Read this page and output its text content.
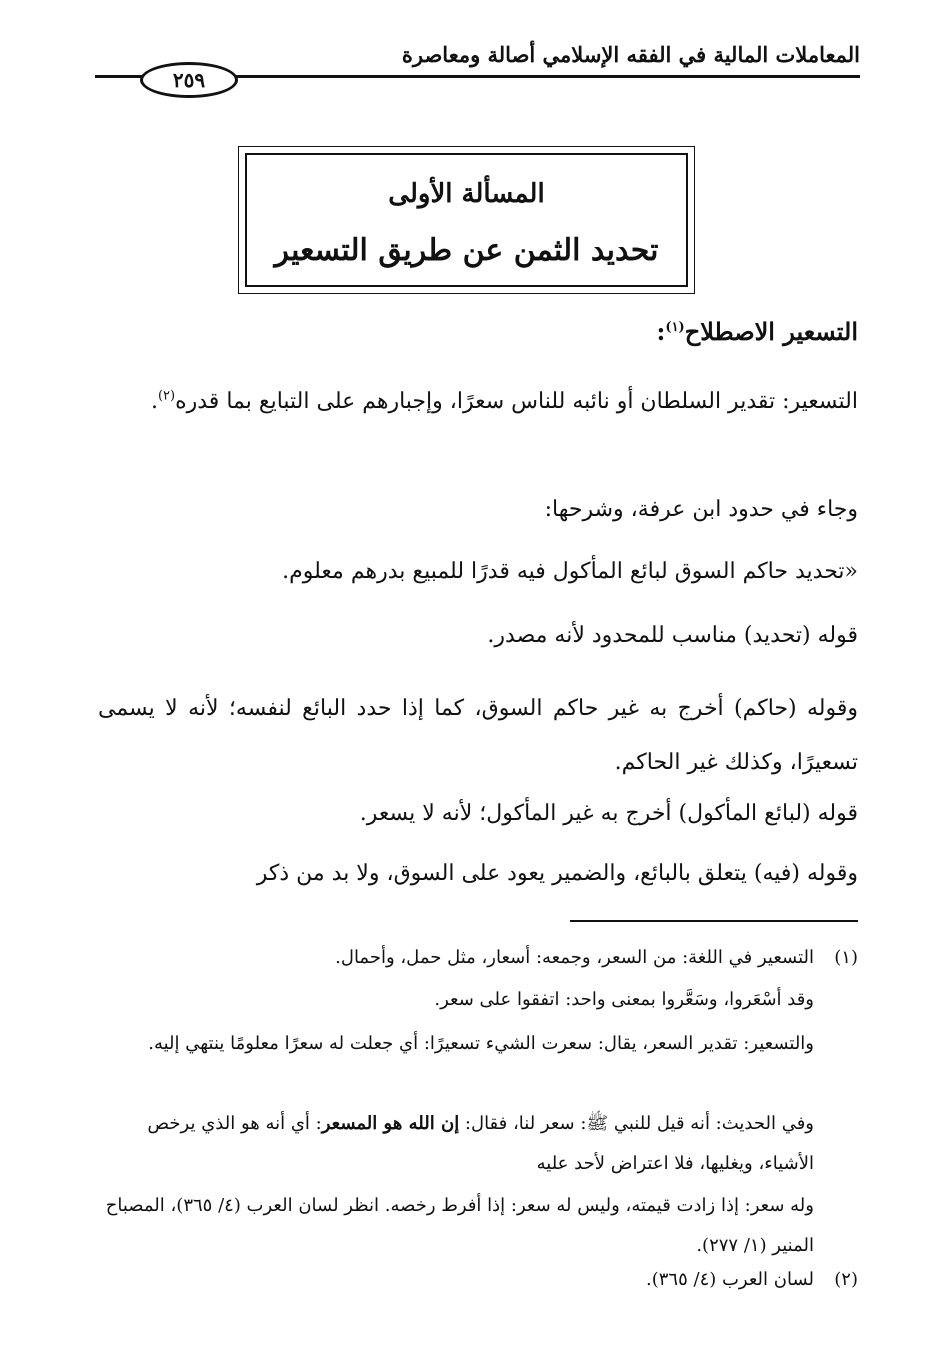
المعاملات المالية في الفقه الإسلامي أصالة ومعاصرة
٢٥٩
المسألة الأولى
تحديد الثمن عن طريق التسعير
التسعير الاصطلاح$^{(١)}$:
التسعير: تقدير السلطان أو نائبه للناس سعرًا، وإجبارهم على التبايع بما قدره$^{(٢)}$.
وجاء في حدود ابن عرفة، وشرحها:
«تحديد حاكم السوق لبائع المأكول فيه قدرًا للمبيع بدرهم معلوم.
قوله (تحديد) مناسب للمحدود لأنه مصدر.
وقوله (حاكم) أخرج به غير حاكم السوق، كما إذا حدد البائع لنفسه؛ لأنه لا يسمى تسعيرًا، وكذلك غير الحاكم.
قوله (لبائع المأكول) أخرج به غير المأكول؛ لأنه لا يسعر.
وقوله (فيه) يتعلق بالبائع، والضمير يعود على السوق، ولا بد من ذكر
(١)التسعير في اللغة: من السعر، وجمعه: أسعار، مثل حمل، وأحمال.
وقد أسْعَروا، وسَعَّروا بمعنى واحد: اتفقوا على سعر.
والتسعير: تقدير السعر، يقال: سعرت الشيء تسعيرًا: أي جعلت له سعرًا معلومًا ينتهي إليه.
وفي الحديث: أنه قيل للنبي ﷺ: سعر لنا، فقال: إن الله هو المسعر: أي أنه هو الذي يرخص الأشياء، ويغليها، فلا اعتراض لأحد عليه
وله سعر: إذا زادت قيمته، وليس له سعر: إذا أفرط رخصه. انظر لسان العرب (٤/ ٣٦٥)، المصباح المنير (١/ ٢٧٧).
(٢)لسان العرب (٤/ ٣٦٥).
